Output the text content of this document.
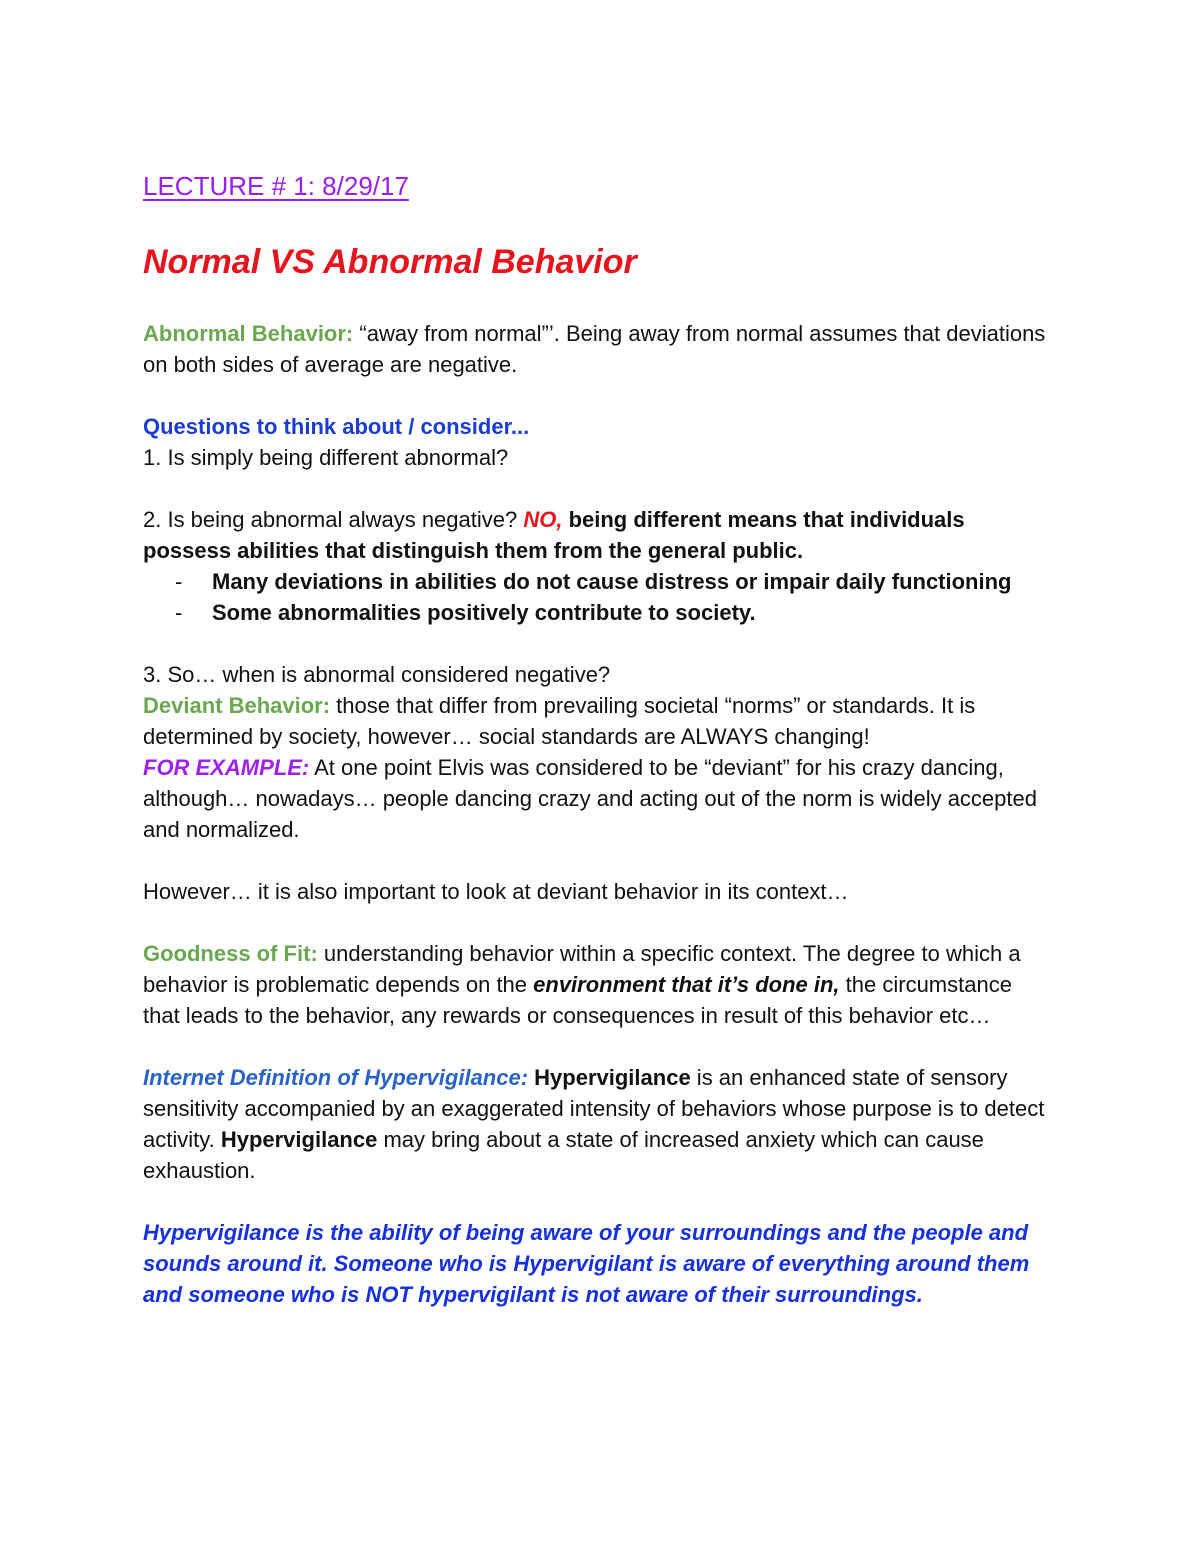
LECTURE # 1: 8/29/17
Normal VS Abnormal Behavior

Abnormal Behavior: “away from normal”’. Being away from normal assumes that deviations on both sides of average are negative.

Questions to think about / consider...

1. Is simply being different abnormal?

2. Is being abnormal always negative? NO, being different means that individuals possess abilities that distinguish them from the general public.

- Many deviations in abilities do not cause distress or impair daily functioning
- Some abnormalities positively contribute to society.

3. So… when is abnormal considered negative?

Deviant Behavior: those that differ from prevailing societal “norms” or standards. It is determined by society, however… social standards are ALWAYS changing!

FOR EXAMPLE: At one point Elvis was considered to be “deviant” for his crazy dancing, although… nowadays… people dancing crazy and acting out of the norm is widely accepted and normalized.

However… it is also important to look at deviant behavior in its context…

Goodness of Fit: understanding behavior within a specific context. The degree to which a behavior is problematic depends on the environment that it’s done in, the circumstance that leads to the behavior, any rewards or consequences in result of this behavior etc…

Internet Definition of Hypervigilance: Hypervigilance is an enhanced state of sensory sensitivity accompanied by an exaggerated intensity of behaviors whose purpose is to detect activity. Hypervigilance may bring about a state of increased anxiety which can cause exhaustion.

Hypervigilance is the ability of being aware of your surroundings and the people and sounds around it. Someone who is Hypervigilant is aware of everything around them and someone who is NOT hypervigilant is not aware of their surroundings.
